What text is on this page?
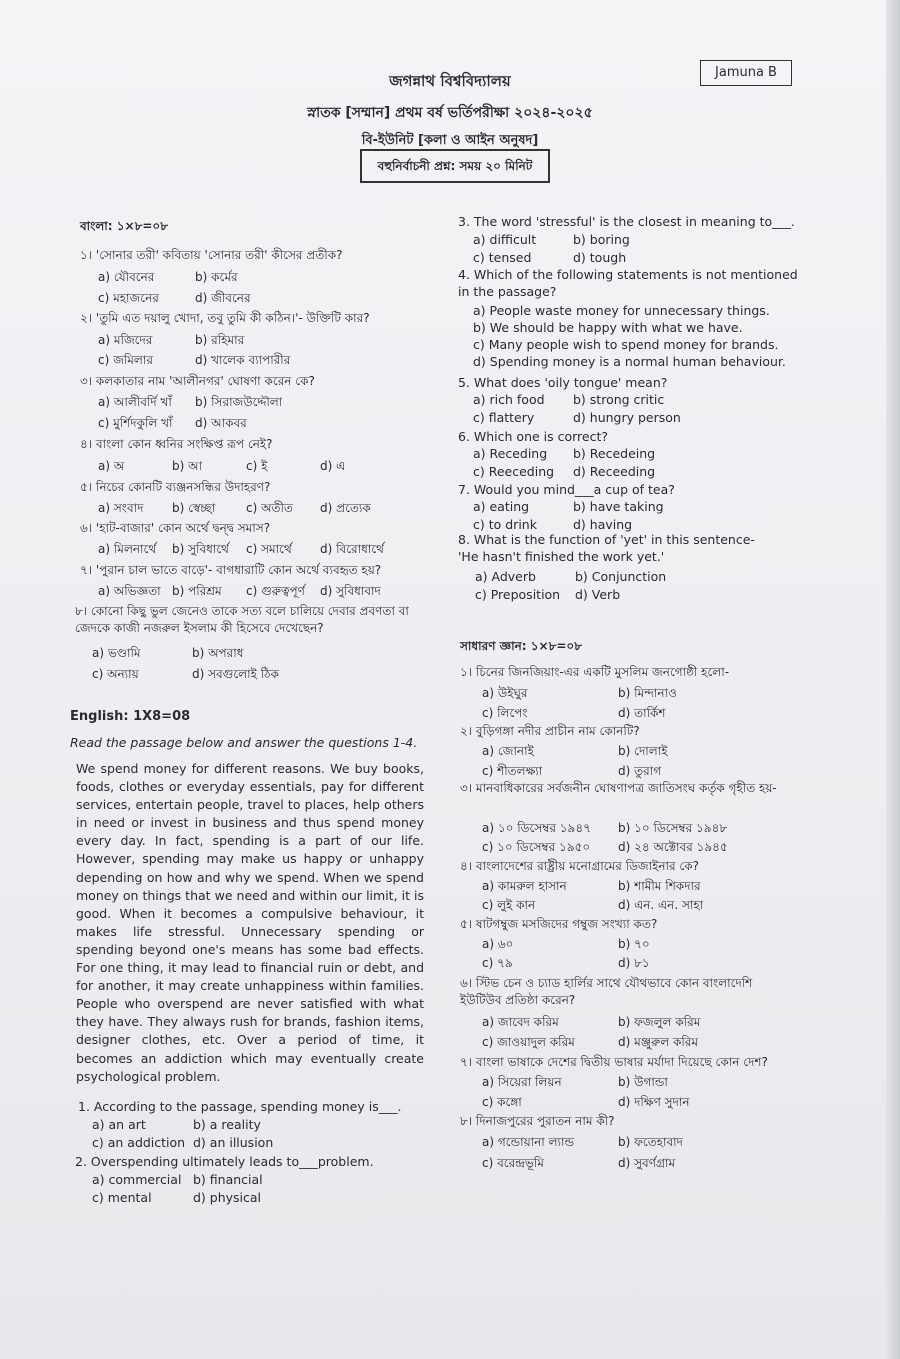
জগন্নাথ বিশ্ববিদ্যালয়
স্নাতক [সম্মান] প্রথম বর্ষ ভর্তিপরীক্ষা ২০২৪-২০২৫
বি-ইউনিট [কলা ও আইন অনুষদ]
Jamuna B
বহুনির্বাচনী প্রশ্ন: সময় ২০ মিনিট
বাংলা: ১×৮=০৮
১। 'সোনার তরী' কবিতায় 'সোনার তরী' কীসের প্রতীক?
a) যৌবনের	b) কর্মের
c) মহাজনের	d) জীবনের
২। 'তুমি এত দয়ালু খোদা, তবু তুমি কী কঠিন।'- উক্তিটি কার?
a) মজিদের	b) রহিমার
c) জমিলার	d) খালেক ব্যাপারীর
৩। কলকাতার নাম 'আলীনগর' ঘোষণা করেন কে?
a) আলীবর্দি খাঁ b) সিরাজউদ্দৌলা
c) মুর্শিদকুলি খাঁ d) আকবর
৪। বাংলা কোন ধ্বনির সংক্ষিপ্ত রূপ নেই?
a) অ	b) আ	c) ই	d) এ
৫। নিচের কোনটি ব্যঞ্জনসন্ধির উদাহরণ?
a) সংবাদ b) স্বেচ্ছা	c) অতীত d) প্রত্যেক
৬। 'হাট-বাজার' কোন অর্থে দ্বন্দ্ব সমাস?
a) মিলনার্থে b) সুবিধার্থে c) সমার্থে d) বিরোধার্থে
৭। 'পুরান চাল ভাতে বাড়ে'- বাগধারাটি কোন অর্থে ব্যবহৃত হয়?
a) অভিজ্ঞতা b) পরিশ্রম c) গুরুত্বপূর্ণ d) সুবিধাবাদ
৮। কোনো কিছু ভুল জেনেও তাকে সত্য বলে চালিয়ে দেবার প্রবণতা বা জেদকে কাজী নজরুল ইসলাম কী হিসেবে দেখেছেন?
a) ভণ্ডামি	b) অপরাধ
c) অন্যায়	d) সবগুলোই ঠিক
English: 1X8=08
Read the passage below and answer the questions 1-4.
We spend money for different reasons. We buy books, foods, clothes or everyday essentials, pay for different services, entertain people, travel to places, help others in need or invest in business and thus spend money every day. In fact, spending is a part of our life. However, spending may make us happy or unhappy depending on how and why we spend. When we spend money on things that we need and within our limit, it is good. When it becomes a compulsive behaviour, it makes life stressful. Unnecessary spending or spending beyond one's means has some bad effects. For one thing, it may lead to financial ruin or debt, and for another, it may create unhappiness within families. People who overspend are never satisfied with what they have. They always rush for brands, fashion items, designer clothes, etc. Over a period of time, it becomes an addiction which may eventually create psychological problem.
1. According to the passage, spending money is___.
a) an art	b) a reality
c) an addiction d) an illusion
2. Overspending ultimately leads to___problem.
a) commercial b) financial
c) mental	d) physical
3. The word 'stressful' is the closest in meaning to___.
a) difficult	b) boring
c) tensed	d) tough
4. Which of the following statements is not mentioned in the passage?
a) People waste money for unnecessary things.
b) We should be happy with what we have.
c) Many people wish to spend money for brands.
d) Spending money is a normal human behaviour.
5. What does 'oily tongue' mean?
a) rich food b) strong critic
c) flattery	d) hungry person
6. Which one is correct?
a) Receding b) Recedeing
c) Reeceding d) Receeding
7. Would you mind___a cup of tea?
a) eating	b) have taking
c) to drink	d) having
8. What is the function of 'yet' in this sentence- 'He hasn't finished the work yet.'
a) Adverb	b) Conjunction
c) Preposition d) Verb
সাধারণ জ্ঞান: ১×৮=০৮
১। চিনের জিনজিয়াং-এর একটি মুসলিম জনগোষ্ঠী হলো-
a) উইঘুর	b) মিন্দানাও
c) লিপেং	d) তার্কিশ
২। বুড়িগঙ্গা নদীর প্রাচীন নাম কোনটি?
a) জোনাই	b) দোলাই
c) শীতলক্ষ্যা	d) তুরাগ
৩। মানবাধিকারের সর্বজনীন ঘোষণাপত্র জাতিসংঘ কর্তৃক গৃহীত হয়-
a) ১০ ডিসেম্বর ১৯৪৭ b) ১০ ডিসেম্বর ১৯৪৮
c) ১০ ডিসেম্বর ১৯৫০ d) ২৪ অক্টোবর ১৯৪৫
৪। বাংলাদেশের রাষ্ট্রীয় মনোগ্রামের ডিজাইনার কে?
a) কামরুল হাসান	b) শামীম শিকদার
c) লুই কান	d) এন. এন. সাহা
৫। ষাটগম্বুজ মসজিদের গম্বুজ সংখ্যা কত?
a) ৬০	b) ৭০
c) ৭৯	d) ৮১
৬। স্টিভ চেন ও চ্যাড হার্লির সাথে যৌথভাবে কোন বাংলাদেশি ইউটিউব প্রতিষ্ঠা করেন?
a) জাবেদ করিম	b) ফজলুল করিম
c) জাওয়াদুল করিম	d) মঞ্জুরুল করিম
৭। বাংলা ভাষাকে দেশের দ্বিতীয় ভাষার মর্যাদা দিয়েছে কোন দেশ?
a) সিয়েরা লিয়ন	b) উগান্ডা
c) কঙ্গো	d) দক্ষিণ সুদান
৮। দিনাজপুরের পুরাতন নাম কী?
a) গন্ডোয়ানা ল্যান্ড	b) ফতেহাবাদ
c) বরেন্দ্রভূমি	d) সুবর্ণগ্রাম
